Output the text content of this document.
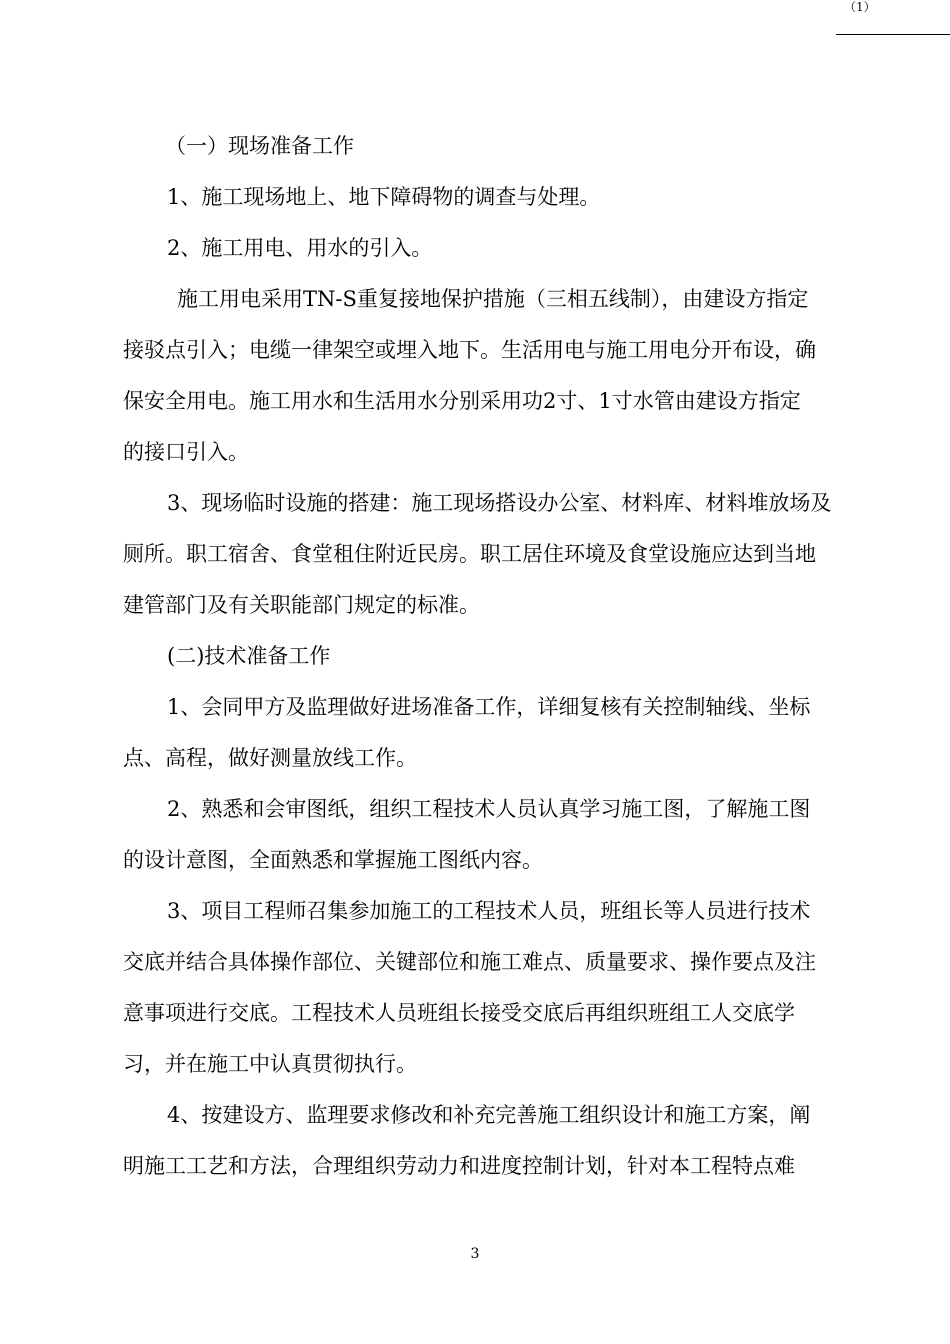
（1）
（一）现场准备工作
1、施工现场地上、地下障碍物的调查与处理。
2、施工用电、用水的引入。
施工用电采用TN-S重复接地保护措施（三相五线制），由建设方指定
接驳点引入；电缆一律架空或埋入地下。生活用电与施工用电分开布设，确
保安全用电。施工用水和生活用水分别采用功2寸、1寸水管由建设方指定
的接口引入。
3、现场临时设施的搭建：施工现场搭设办公室、材料库、材料堆放场及
厕所。职工宿舍、食堂租住附近民房。职工居住环境及食堂设施应达到当地
建管部门及有关职能部门规定的标准。
(二)技术准备工作
1、会同甲方及监理做好进场准备工作，详细复核有关控制轴线、坐标
点、高程，做好测量放线工作。
2、熟悉和会审图纸，组织工程技术人员认真学习施工图，了解施工图
的设计意图，全面熟悉和掌握施工图纸内容。
3、项目工程师召集参加施工的工程技术人员，班组长等人员进行技术
交底并结合具体操作部位、关键部位和施工难点、质量要求、操作要点及注
意事项进行交底。工程技术人员班组长接受交底后再组织班组工人交底学
习，并在施工中认真贯彻执行。
4、按建设方、监理要求修改和补充完善施工组织设计和施工方案，阐
明施工工艺和方法，合理组织劳动力和进度控制计划，针对本工程特点难
3
